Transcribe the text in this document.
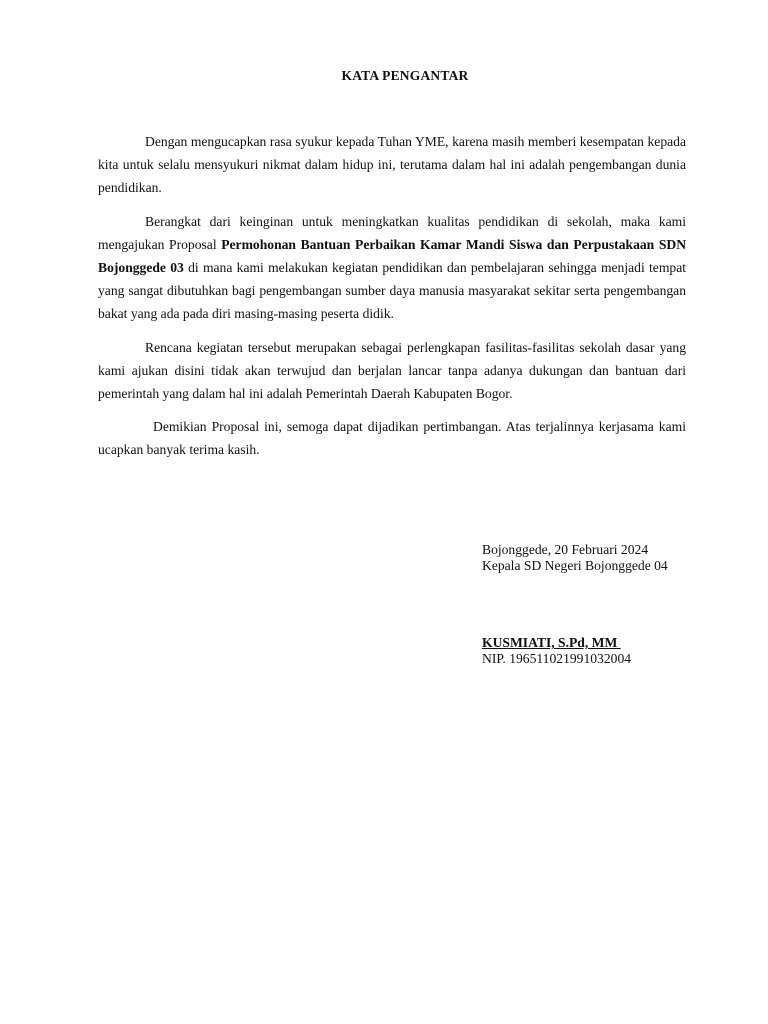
KATA PENGANTAR

Dengan mengucapkan rasa syukur kepada Tuhan YME, karena masih memberi kesempatan kepada kita untuk selalu mensyukuri nikmat dalam hidup ini, terutama dalam hal ini adalah pengembangan dunia pendidikan.

Berangkat dari keinginan untuk meningkatkan kualitas pendidikan di sekolah, maka kami mengajukan Proposal Permohonan Bantuan Perbaikan Kamar Mandi Siswa dan Perpustakaan SDN Bojonggede 03 di mana kami melakukan kegiatan pendidikan dan pembelajaran sehingga menjadi tempat yang sangat dibutuhkan bagi pengembangan sumber daya manusia masyarakat sekitar serta pengembangan bakat yang ada pada diri masing-masing peserta didik.

Rencana kegiatan tersebut merupakan sebagai perlengkapan fasilitas-fasilitas sekolah dasar yang kami ajukan disini tidak akan terwujud dan berjalan lancar tanpa adanya dukungan dan bantuan dari pemerintah yang dalam hal ini adalah Pemerintah Daerah Kabupaten Bogor.

Demikian Proposal ini, semoga dapat dijadikan pertimbangan. Atas terjalinnya kerjasama kami ucapkan banyak terima kasih.

Bojonggede, 20 Februari 2024
Kepala SD Negeri Bojonggede 04
KUSMIATI, S.Pd, MM
NIP. 196511021991032004
